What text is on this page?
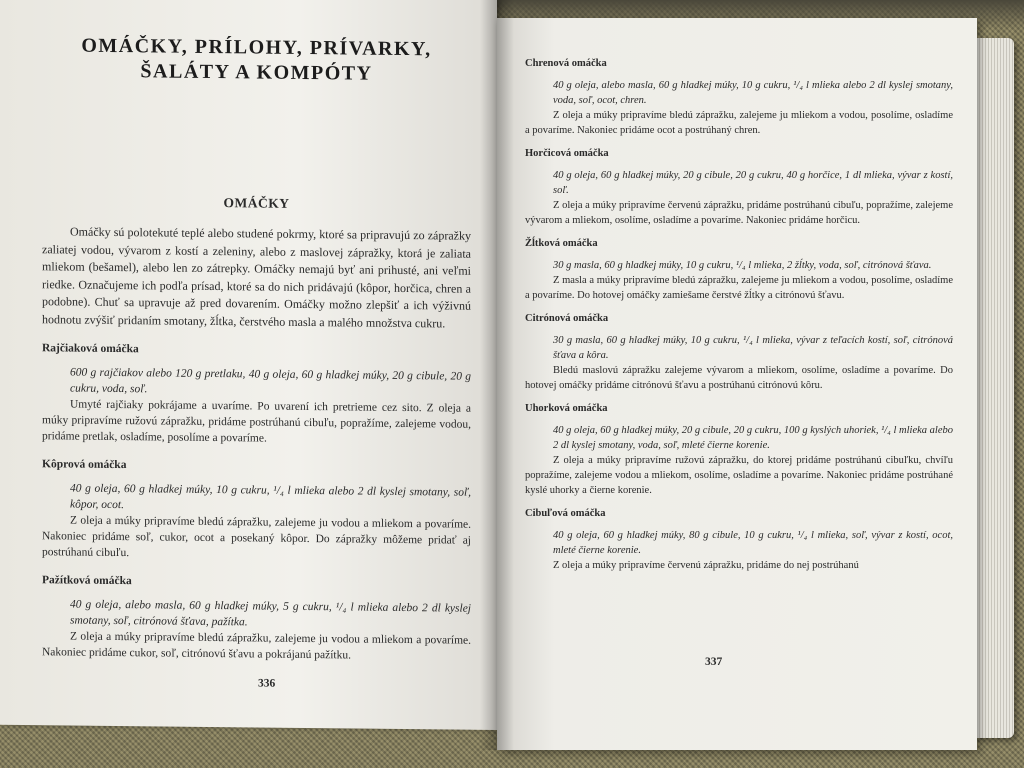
OMÁČKY, PRÍLOHY, PRÍVARKY, ŠALÁTY A KOMPÓTY
OMÁČKY

Omáčky sú polotekuté teplé alebo studené pokrmy, ktoré sa pripravujú zo zápražky zaliatej vodou, vývarom z kostí a zeleniny, alebo z maslovej zápražky, ktorá je zaliata mliekom (bešamel), alebo len zo zátrepky. Omáčky nemajú byť ani prihusté, ani veľmi riedke. Označujeme ich podľa prísad, ktoré sa do nich pridávajú (kôpor, horčica, chren a podobne). Chuť sa upravuje až pred dovarením. Omáčky možno zlepšiť a ich výživnú hodnotu zvýšiť pridaním smotany, žĺtka, čerstvého masla a malého množstva cukru.

Rajčiaková omáčka

600 g rajčiakov alebo 120 g pretlaku, 40 g oleja, 60 g hladkej múky, 20 g cibule, 20 g cukru, voda, soľ.

Umyté rajčiaky pokrájame a uvaríme. Po uvarení ich pretrieme cez sito. Z oleja a múky pripravíme ružovú zápražku, pridáme postrúhanú cibuľu, popražíme, zalejeme vodou, pridáme pretlak, osladíme, posolíme a povaríme.

Kôprová omáčka

40 g oleja, 60 g hladkej múky, 10 g cukru, ¹/₄ l mlieka alebo 2 dl kyslej smotany, soľ, kôpor, ocot.

Z oleja a múky pripravíme bledú zápražku, zalejeme ju vodou a mliekom a povaríme. Nakoniec pridáme soľ, cukor, ocot a posekaný kôpor. Do zápražky môžeme pridať aj postrúhanú cibuľu.

Pažítková omáčka

40 g oleja, alebo masla, 60 g hladkej múky, 5 g cukru, ¹/₄ l mlieka alebo 2 dl kyslej smotany, soľ, citrónová šťava, pažítka.

Z oleja a múky pripravíme bledú zápražku, zalejeme ju vodou a mliekom a povaríme. Nakoniec pridáme cukor, soľ, citrónovú šťavu a pokrájanú pažítku.

336
Chrenová omáčka

40 g oleja, alebo masla, 60 g hladkej múky, 10 g cukru, ¹/₄ l mlieka alebo 2 dl kyslej smotany, voda, soľ, ocot, chren.

Z oleja a múky pripravíme bledú zápražku, zalejeme ju mliekom a vodou, posolíme, osladíme a povaríme. Nakoniec pridáme ocot a postrúhaný chren.

Horčicová omáčka

40 g oleja, 60 g hladkej múky, 20 g cibule, 20 g cukru, 40 g horčice, 1 dl mlieka, vývar z kostí, soľ.

Z oleja a múky pripravíme červenú zápražku, pridáme postrúhanú cibuľu, popražíme, zalejeme vývarom a mliekom, osolíme, osladíme a povaríme. Nakoniec pridáme horčicu.

Žĺtková omáčka

30 g masla, 60 g hladkej múky, 10 g cukru, ¹/₄ l mlieka, 2 žĺtky, voda, soľ, citrónová šťava.

Z masla a múky pripravíme bledú zápražku, zalejeme ju mliekom a vodou, posolíme, osladíme a povaríme. Do hotovej omáčky zamiešame čerstvé žĺtky a citrónovú šťavu.

Citrónová omáčka

30 g masla, 60 g hladkej múky, 10 g cukru, ¹/₄ l mlieka, vývar z teľacích kostí, soľ, citrónová šťava a kôra.

Bledú maslovú zápražku zalejeme vývarom a mliekom, osolíme, osladíme a povaríme. Do hotovej omáčky pridáme citrónovú šťavu a postrúhanú citrónovú kôru.

Uhorková omáčka

40 g oleja, 60 g hladkej múky, 20 g cibule, 20 g cukru, 100 g kyslých uhoriek, ¹/₄ l mlieka alebo 2 dl kyslej smotany, voda, soľ, mleté čierne korenie.

Z oleja a múky pripravíme ružovú zápražku, do ktorej pridáme postrúhanú cibuľku, chvíľu popražíme, zalejeme vodou a mliekom, osolíme, osladíme a povaríme. Nakoniec pridáme postrúhané kyslé uhorky a čierne korenie.

Cibuľová omáčka

40 g oleja, 60 g hladkej múky, 80 g cibule, 10 g cukru, ¹/₄ l mlieka, soľ, vývar z kostí, ocot, mleté čierne korenie.

Z oleja a múky pripravíme červenú zápražku, pridáme do nej postrúhanú

337
